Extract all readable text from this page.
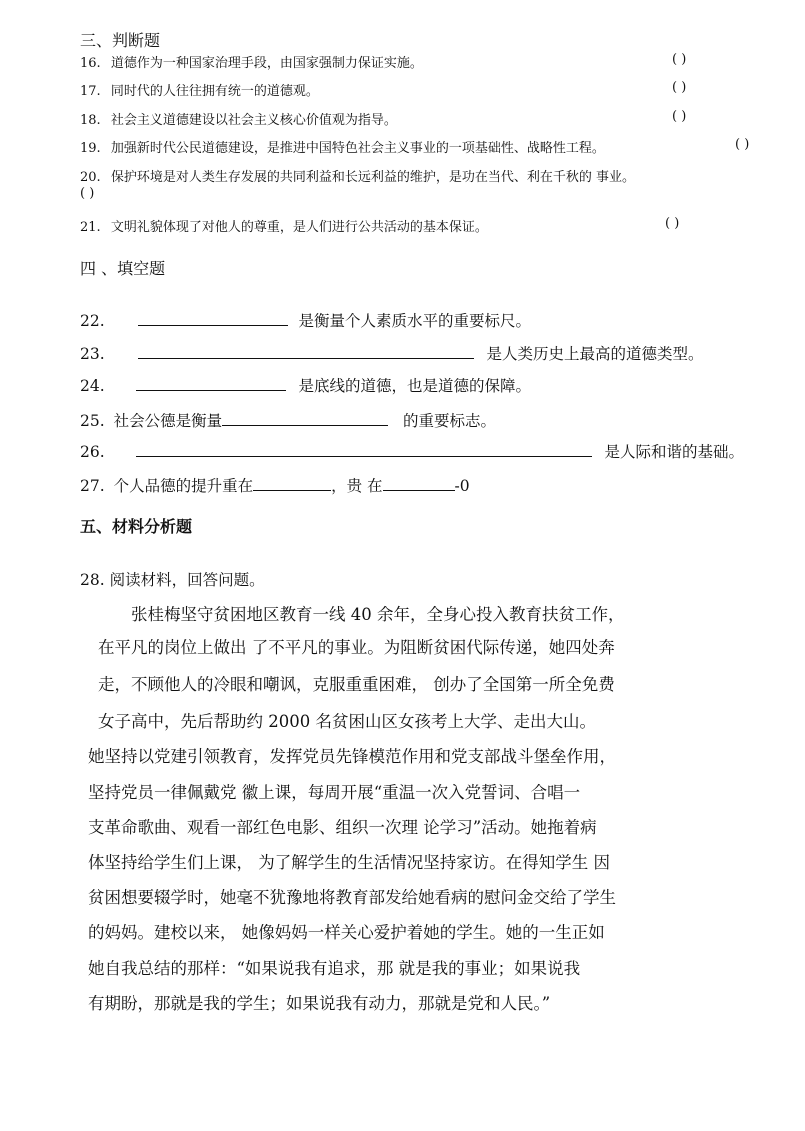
三、判断题
16. 道德作为一种国家治理手段，由国家强制力保证实施。	( )
17. 同时代的人往往拥有统一的道德观。	( )
18. 社会主义道德建设以社会主义核心价值观为指导。	( )
19. 加强新时代公民道德建设，是推进中国特色社会主义事业的一项基础性、战略性工程。	( )
20. 保护环境是对人类生存发展的共同利益和长远利益的维护，是功在当代、利在千秋的 事业。
( )
21. 文明礼貌体现了对他人的尊重，是人们进行公共活动的基本保证。	( )
四 、填空题
22.	是衡量个人素质水平的重要标尺。
23.	是人类历史上最高的道德类型。
24.	是底线的道德，也是道德的保障。
25. 社会公德是衡量	的重要标志。
26.	是人际和谐的基础。
27. 个人品德的提升重在	，贵 在	-0
五、材料分析题
28. 阅读材料，回答问题。
张桂梅坚守贫困地区教育一线 40 余年，全身心投入教育扶贫工作，
在平凡的岗位上做出 了不平凡的事业。为阻断贫困代际传递，她四处奔
走，不顾他人的冷眼和嘲讽，克服重重困难， 创办了全国第一所全免费
女子高中，先后帮助约 2000 名贫困山区女孩考上大学、走出大山。
她坚持以党建引领教育，发挥党员先锋模范作用和党支部战斗堡垒作用，
坚持党员一律佩戴党 徽上课，每周开展“重温一次入党誓词、合唱一
支革命歌曲、观看一部红色电影、组织一次理 论学习”活动。她拖着病
体坚持给学生们上课， 为了解学生的生活情况坚持家访。在得知学生 因
贫困想要辍学时，她毫不犹豫地将教育部发给她看病的慰问金交给了学生
的妈妈。建校以来， 她像妈妈一样关心爱护着她的学生。她的一生正如
她自我总结的那样：“如果说我有追求，那 就是我的事业；如果说我
有期盼，那就是我的学生；如果说我有动力，那就是党和人民。”
